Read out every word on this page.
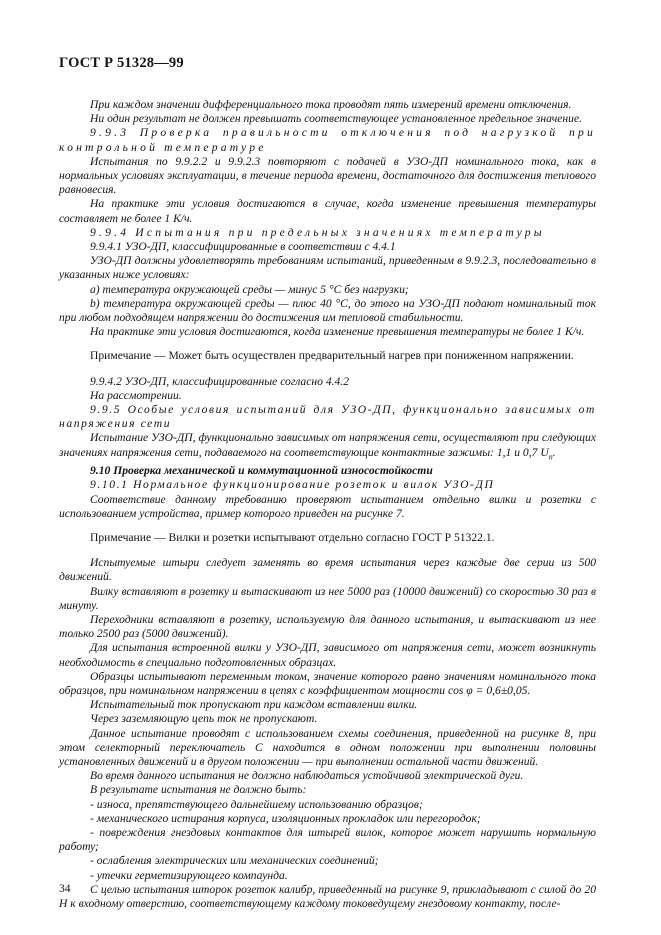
ГОСТ Р 51328—99

При каждом значении дифференциального тока проводят пять измерений времени отключения.

Ни один результат не должен превышать соответствующее установленное предельное значение.

9.9.3 Проверка правильности отключения под нагрузкой при контрольной температуре

Испытания по 9.9.2.2 и 9.9.2.3 повторяют с подачей в УЗО-ДП номинального тока, как в нормальных условиях эксплуатации, в течение периода времени, достаточного для достижения теплового равновесия.

На практике эти условия достигаются в случае, когда изменение превышения температуры составляет не более 1 К/ч.

9.9.4 Испытания при предельных значениях температуры

9.9.4.1 УЗО-ДП, классифицированные в соответствии с 4.4.1

УЗО-ДП должны удовлетворять требованиям испытаний, приведенным в 9.9.2.3, последовательно в указанных ниже условиях:

а) температура окружающей среды — минус 5 °С без нагрузки;

b) температура окружающей среды — плюс 40 °С, до этого на УЗО-ДП подают номинальный ток при любом подходящем напряжении до достижения им тепловой стабильности.

На практике эти условия достигаются, когда изменение превышения температуры не более 1 К/ч.

Примечание — Может быть осуществлен предварительный нагрев при пониженном напряжении.

9.9.4.2 УЗО-ДП, классифицированные согласно 4.4.2

На рассмотрении.

9.9.5 Особые условия испытаний для УЗО-ДП, функционально зависимых от напряжения сети

Испытание УЗО-ДП, функционально зависимых от напряжения сети, осуществляют при следующих значениях напряжения сети, подаваемого на соответствующие контактные зажимы: 1,1 и 0,7 $U_n$.

9.10 Проверка механической и коммутационной износостойкости

9.10.1 Нормальное функционирование розеток и вилок УЗО-ДП

Соответствие данному требованию проверяют испытанием отдельно вилки и розетки с использованием устройства, пример которого приведен на рисунке 7.

Примечание — Вилки и розетки испытывают отдельно согласно ГОСТ Р 51322.1.

Испытуемые штыри следует заменять во время испытания через каждые две серии из 500 движений.

Вилку вставляют в розетку и вытаскивают из нее 5000 раз (10000 движений) со скоростью 30 раз в минуту.

Переходники вставляют в розетку, используемую для данного испытания, и вытаскивают из нее только 2500 раз (5000 движений).

Для испытания встроенной вилки у УЗО-ДП, зависимого от напряжения сети, может возникнуть необходимость в специально подготовленных образцах.

Образцы испытывают переменным током, значение которого равно значениям номинального тока образцов, при номинальном напряжении в цепях с коэффициентом мощности cos φ = 0,6±0,05.

Испытательный ток пропускают при каждом вставлении вилки.

Через заземляющую цепь ток не пропускают.

Данное испытание проводят с использованием схемы соединения, приведенной на рисунке 8, при этом селекторный переключатель С находится в одном положении при выполнении половины установленных движений и в другом положении — при выполнении остальной части движений.

Во время данного испытания не должно наблюдаться устойчивой электрической дуги.

В результате испытания не должно быть:

- износа, препятствующего дальнейшему использованию образцов;

- механического истирания корпуса, изоляционных прокладок или перегородок;

- повреждения гнездовых контактов для штырей вилок, которое может нарушить нормальную работу;

- ослабления электрических или механических соединений;

- утечки герметизирующего компаунда.

С целью испытания шторок розеток калибр, приведенный на рисунке 9, прикладывают с силой до 20 Н к входному отверстию, соответствующему каждому токоведущему гнездовому контакту, после-

34
